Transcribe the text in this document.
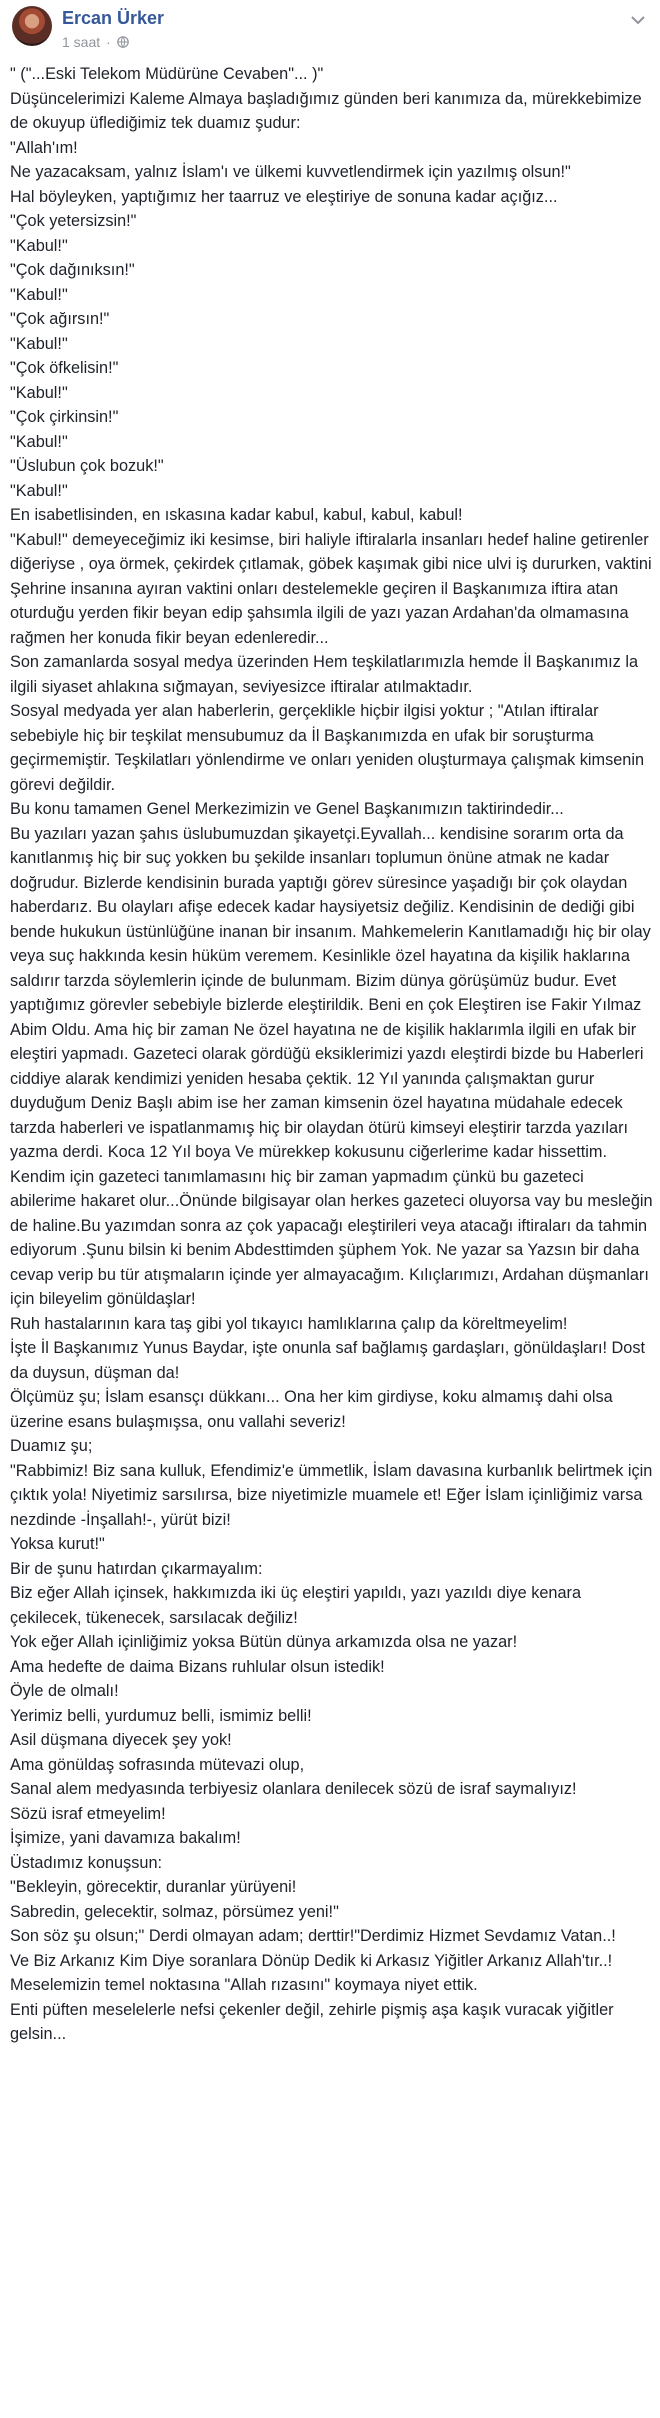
Ercan Ürker
1 saat ·
" ("...Eski Telekom Müdürüne Cevaben"... )"
Düşüncelerimizi Kaleme Almaya başladığımız günden beri kanımıza da, mürekkebimize de okuyup üflediğimiz tek duamız şudur:
"Allah'ım!
Ne yazacaksam, yalnız İslam'ı ve ülkemi kuvvetlendirmek için yazılmış olsun!"
Hal böyleyken, yaptığımız her taarruz ve eleştiriye de sonuna kadar açığız...
"Çok yetersizsin!"
"Kabul!"
"Çok dağınıksın!"
"Kabul!"
"Çok ağırsın!"
"Kabul!"
"Çok öfkelisin!"
"Kabul!"
"Çok çirkinsin!"
"Kabul!"
"Üslubun çok bozuk!"
"Kabul!"
En isabetlisinden, en ıskasına kadar kabul, kabul, kabul, kabul!
"Kabul!" demeyeceğimiz iki kesimse, biri haliyle iftiralarla insanları hedef haline getirenler diğeriyse , oya örmek, çekirdek çıtlamak, göbek kaşımak gibi nice ulvi iş dururken, vaktini Şehrine insanına ayıran vaktini onları destelemekle geçiren il Başkanımıza iftira atan oturduğu yerden fikir beyan edip şahsımla ilgili de yazı yazan Ardahan'da olmamasına rağmen her konuda fikir beyan edenleredir...
Son zamanlarda sosyal medya üzerinden Hem teşkilatlarımızla hemde İl Başkanımız la ilgili siyaset ahlakına sığmayan, seviyesizce iftiralar atılmaktadır.
Sosyal medyada yer alan haberlerin, gerçeklikle hiçbir ilgisi yoktur ; "Atılan iftiralar sebebiyle hiç bir teşkilat mensubumuz da İl Başkanımızda en ufak bir soruşturma geçirmemiştir. Teşkilatları yönlendirme ve onları yeniden oluşturmaya çalışmak kimsenin görevi değildir.
Bu konu tamamen Genel Merkezimizin ve Genel Başkanımızın taktirindedir...
Bu yazıları yazan şahıs üslubumuzdan şikayetçi.Eyvallah... kendisine sorarım orta da kanıtlanmış hiç bir suç yokken bu şekilde insanları toplumun önüne atmak ne kadar doğrudur. Bizlerde kendisinin burada yaptığı görev süresince yaşadığı bir çok olaydan haberdarız. Bu olayları afişe edecek kadar haysiyetsiz değiliz. Kendisinin de dediği gibi bende hukukun üstünlüğüne inanan bir insanım. Mahkemelerin Kanıtlamadığı hiç bir olay veya suç hakkında kesin hüküm veremem. Kesinlikle özel hayatına da kişilik haklarına saldırır tarzda söylemlerin içinde de bulunmam. Bizim dünya görüşümüz budur. Evet yaptığımız görevler sebebiyle bizlerde eleştirildik. Beni en çok Eleştiren ise Fakir Yılmaz Abim Oldu. Ama hiç bir zaman Ne özel hayatına ne de kişilik haklarımla ilgili en ufak bir eleştiri yapmadı. Gazeteci olarak gördüğü eksiklerimizi yazdı eleştirdi bizde bu Haberleri ciddiye alarak kendimizi yeniden hesaba çektik. 12 Yıl yanında çalışmaktan gurur duyduğum Deniz Başlı abim ise her zaman kimsenin özel hayatına müdahale edecek tarzda haberleri ve ispatlanmamış hiç bir olaydan ötürü kimseyi eleştirir tarzda yazıları yazma derdi. Koca 12 Yıl boya Ve mürekkep kokusunu ciğerlerime kadar hissettim. Kendim için gazeteci tanımlamasını hiç bir zaman yapmadım çünkü bu gazeteci abilerime hakaret olur...Önünde bilgisayar olan herkes gazeteci oluyorsa vay bu mesleğin de haline.Bu yazımdan sonra az çok yapacağı eleştirileri veya atacağı iftiraları da tahmin ediyorum .Şunu bilsin ki benim Abdesttimden şüphem Yok. Ne yazar sa Yazsın bir daha cevap verip bu tür atışmaların içinde yer almayacağım. Kılıçlarımızı, Ardahan düşmanları için bileyelim gönüldaşlar!
Ruh hastalarının kara taş gibi yol tıkayıcı hamlıklarına çalıp da köreltmeyelim!
İşte İl Başkanımız Yunus Baydar, işte onunla saf bağlamış gardaşları, gönüldaşları! Dost da duysun, düşman da!
Ölçümüz şu; İslam esansçı dükkanı... Ona her kim girdiyse, koku almamış dahi olsa üzerine esans bulaşmışsa, onu vallahi severiz!
Duamız şu;
"Rabbimiz! Biz sana kulluk, Efendimiz'e ümmetlik, İslam davasına kurbanlık belirtmek için çıktık yola! Niyetimiz sarsılırsa, bize niyetimizle muamele et! Eğer İslam içinliğimiz varsa nezdinde -İnşallah!-, yürüt bizi!
Yoksa kurut!"
Bir de şunu hatırdan çıkarmayalım:
Biz eğer Allah içinsek, hakkımızda iki üç eleştiri yapıldı, yazı yazıldı diye kenara çekilecek, tükenecek, sarsılacak değiliz!
Yok eğer Allah içinliğimiz yoksa Bütün dünya arkamızda olsa ne yazar!
Ama hedefte de daima Bizans ruhlular olsun istedik!
Öyle de olmalı!
Yerimiz belli, yurdumuz belli, ismimiz belli!
Asil düşmana diyecek şey yok!
Ama gönüldaş sofrasında mütevazi olup,
Sanal alem medyasında terbiyesiz olanlara denilecek sözü de israf saymalıyız!
Sözü israf etmeyelim!
İşimize, yani davamıza bakalım!
Üstadımız konuşsun:
"Bekleyin, görecektir, duranlar yürüyeni!
Sabredin, gelecektir, solmaz, pörsümez yeni!"
Son söz şu olsun;" Derdi olmayan adam; derttir!"Derdimiz Hizmet Sevdamız Vatan..!
Ve Biz Arkanız Kim Diye soranlara Dönüp Dedik ki Arkasız Yiğitler Arkanız Allah'tır..!
Meselemizin temel noktasına "Allah rızasını" koymaya niyet ettik.
Enti püften meselelerle nefsi çekenler değil, zehirle pişmiş aşa kaşık vuracak yiğitler gelsin...
